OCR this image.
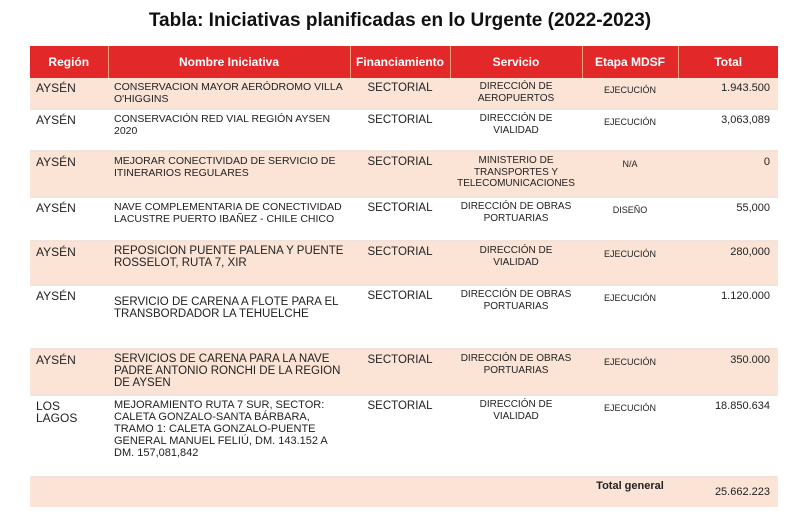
Tabla: Iniciativas planificadas en lo Urgente (2022-2023)
Región	Nombre Iniciativa	Financiamiento	Servicio	Etapa MDSF	Total
AYSÉN	CONSERVACION MAYOR AERÓDROMO VILLA O'HIGGINS	SECTORIAL	DIRECCIÓN DE AEROPUERTOS	EJECUCIÓN	1.943.500
AYSÉN	CONSERVACIÓN RED VIAL REGIÓN AYSEN 2020	SECTORIAL	DIRECCIÓN DE VIALIDAD	EJECUCIÓN	3,063,089
AYSÉN	MEJORAR CONECTIVIDAD DE SERVICIO DE ITINERARIOS REGULARES	SECTORIAL	MINISTERIO DE TRANSPORTES Y TELECOMUNICACIONES	N/A	0
AYSÉN	NAVE COMPLEMENTARIA DE CONECTIVIDAD LACUSTRE PUERTO IBAÑEZ - CHILE CHICO	SECTORIAL	DIRECCIÓN DE OBRAS PORTUARIAS	DISEÑO	55,000
AYSÉN	REPOSICION PUENTE PALENA Y PUENTE ROSSELOT, RUTA 7, XIR	SECTORIAL	DIRECCIÓN DE VIALIDAD	EJECUCIÓN	280,000
AYSÉN	SERVICIO DE CARENA A FLOTE PARA EL TRANSBORDADOR LA TEHUELCHE	SECTORIAL	DIRECCIÓN DE OBRAS PORTUARIAS	EJECUCIÓN	1.120.000
AYSÉN	SERVICIOS DE CARENA PARA LA NAVE PADRE ANTONIO RONCHI DE LA REGION DE AYSEN	SECTORIAL	DIRECCIÓN DE OBRAS PORTUARIAS	EJECUCIÓN	350.000
LOS LAGOS	MEJORAMIENTO RUTA 7 SUR, SECTOR: CALETA GONZALO-SANTA BÁRBARA, TRAMO 1: CALETA GONZALO-PUENTE GENERAL MANUEL FELIÚ, DM. 143.152 A DM. 157,081,842	SECTORIAL	DIRECCIÓN DE VIALIDAD	EJECUCIÓN	18.850.634
				Total general	25.662.223
